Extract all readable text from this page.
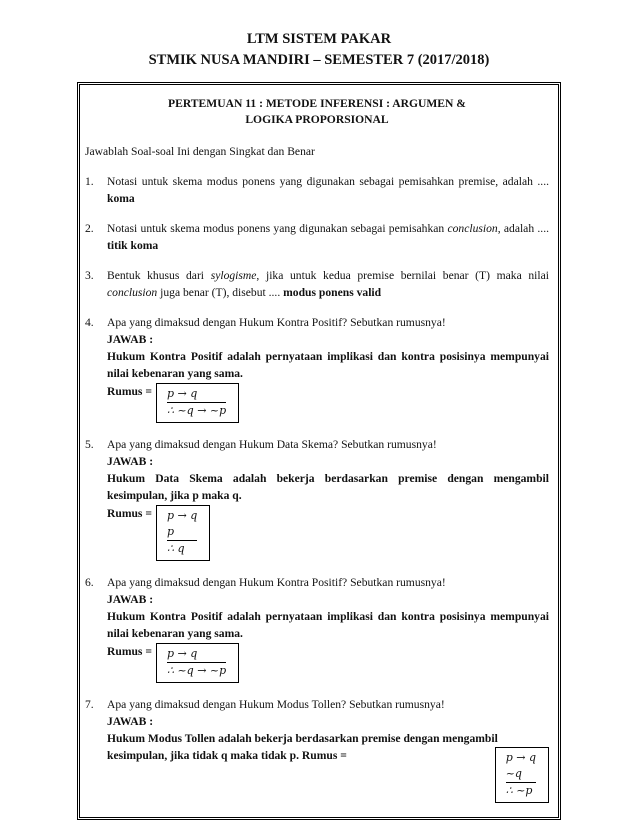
LTM SISTEM PAKAR
STMIK NUSA MANDIRI – SEMESTER 7 (2017/2018)
PERTEMUAN 11 : METODE INFERENSI : ARGUMEN &
LOGIKA PROPORSIONAL
Jawablah Soal-soal Ini dengan Singkat dan Benar
1. Notasi untuk skema modus ponens yang digunakan sebagai pemisahkan premise, adalah .... koma
2. Notasi untuk skema modus ponens yang digunakan sebagai pemisahkan conclusion, adalah .... titik koma
3. Bentuk khusus dari sylogisme, jika untuk kedua premise bernilai benar (T) maka nilai conclusion juga benar (T), disebut .... modus ponens valid
4. Apa yang dimaksud dengan Hukum Kontra Positif? Sebutkan rumusnya!
JAWAB :
Hukum Kontra Positif adalah pernyataan implikasi dan kontra posisinya mempunyai nilai kebenaran yang sama.
Rumus = $\frac{p \to q}{\therefore \sim q \to \sim p}$
5. Apa yang dimaksud dengan Hukum Data Skema? Sebutkan rumusnya!
JAWAB :
Hukum Data Skema adalah bekerja berdasarkan premise dengan mengambil kesimpulan, jika p maka q.
Rumus = p → q
p
∴ q
6. Apa yang dimaksud dengan Hukum Kontra Positif? Sebutkan rumusnya!
JAWAB :
Hukum Kontra Positif adalah pernyataan implikasi dan kontra posisinya mempunyai nilai kebenaran yang sama.
Rumus = $\frac{p \to q}{\therefore \sim q \to \sim p}$
7. Apa yang dimaksud dengan Hukum Modus Tollen? Sebutkan rumusnya!
JAWAB :
Hukum Modus Tollen adalah bekerja berdasarkan premise dengan mengambil
kesimpulan, jika tidak q maka tidak p. Rumus =	p → q
~q
∴ ~p
